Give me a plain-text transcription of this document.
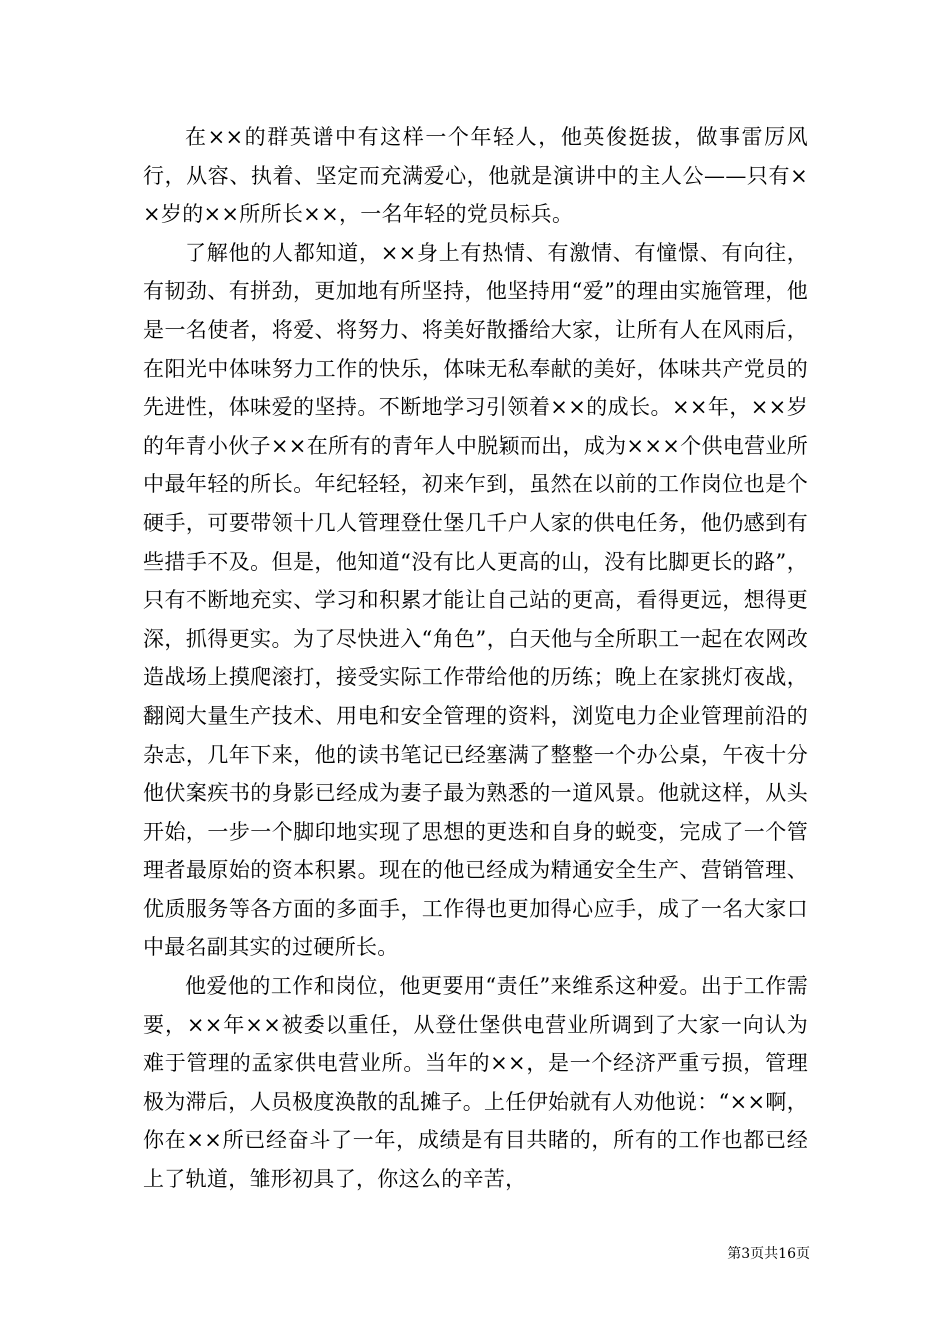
在××的群英谱中有这样一个年轻人，他英俊挺拔，做事雷厉风行，从容、执着、坚定而充满爱心，他就是演讲中的主人公——只有××岁的××所所长××，一名年轻的党员标兵。

了解他的人都知道，××身上有热情、有激情、有憧憬、有向往，有韧劲、有拼劲，更加地有所坚持，他坚持用“爱”的理由实施管理，他是一名使者，将爱、将努力、将美好散播给大家，让所有人在风雨后，在阳光中体味努力工作的快乐，体味无私奉献的美好，体味共产党员的先进性，体味爱的坚持。不断地学习引领着××的成长。××年，××岁的年青小伙子××在所有的青年人中脱颖而出，成为×××个供电营业所中最年轻的所长。年纪轻轻，初来乍到，虽然在以前的工作岗位也是个硬手，可要带领十几人管理登仕堡几千户人家的供电任务，他仍感到有些措手不及。但是，他知道“没有比人更高的山，没有比脚更长的路”，只有不断地充实、学习和积累才能让自己站的更高，看得更远，想得更深，抓得更实。为了尽快进入“角色”，白天他与全所职工一起在农网改造战场上摸爬滚打，接受实际工作带给他的历练；晚上在家挑灯夜战，翻阅大量生产技术、用电和安全管理的资料，浏览电力企业管理前沿的杂志，几年下来，他的读书笔记已经塞满了整整一个办公桌，午夜十分他伏案疾书的身影已经成为妻子最为熟悉的一道风景。他就这样，从头开始，一步一个脚印地实现了思想的更迭和自身的蜕变，完成了一个管理者最原始的资本积累。现在的他已经成为精通安全生产、营销管理、优质服务等各方面的多面手，工作得也更加得心应手，成了一名大家口中最名副其实的过硬所长。

他爱他的工作和岗位，他更要用“责任”来维系这种爱。出于工作需要，××年××被委以重任，从登仕堡供电营业所调到了大家一向认为难于管理的孟家供电营业所。当年的××，是一个经济严重亏损，管理极为滞后，人员极度涣散的乱摊子。上任伊始就有人劝他说：“××啊，你在××所已经奋斗了一年，成绩是有目共睹的，所有的工作也都已经上了轨道，雏形初具了，你这么的辛苦，

第3页共16页
